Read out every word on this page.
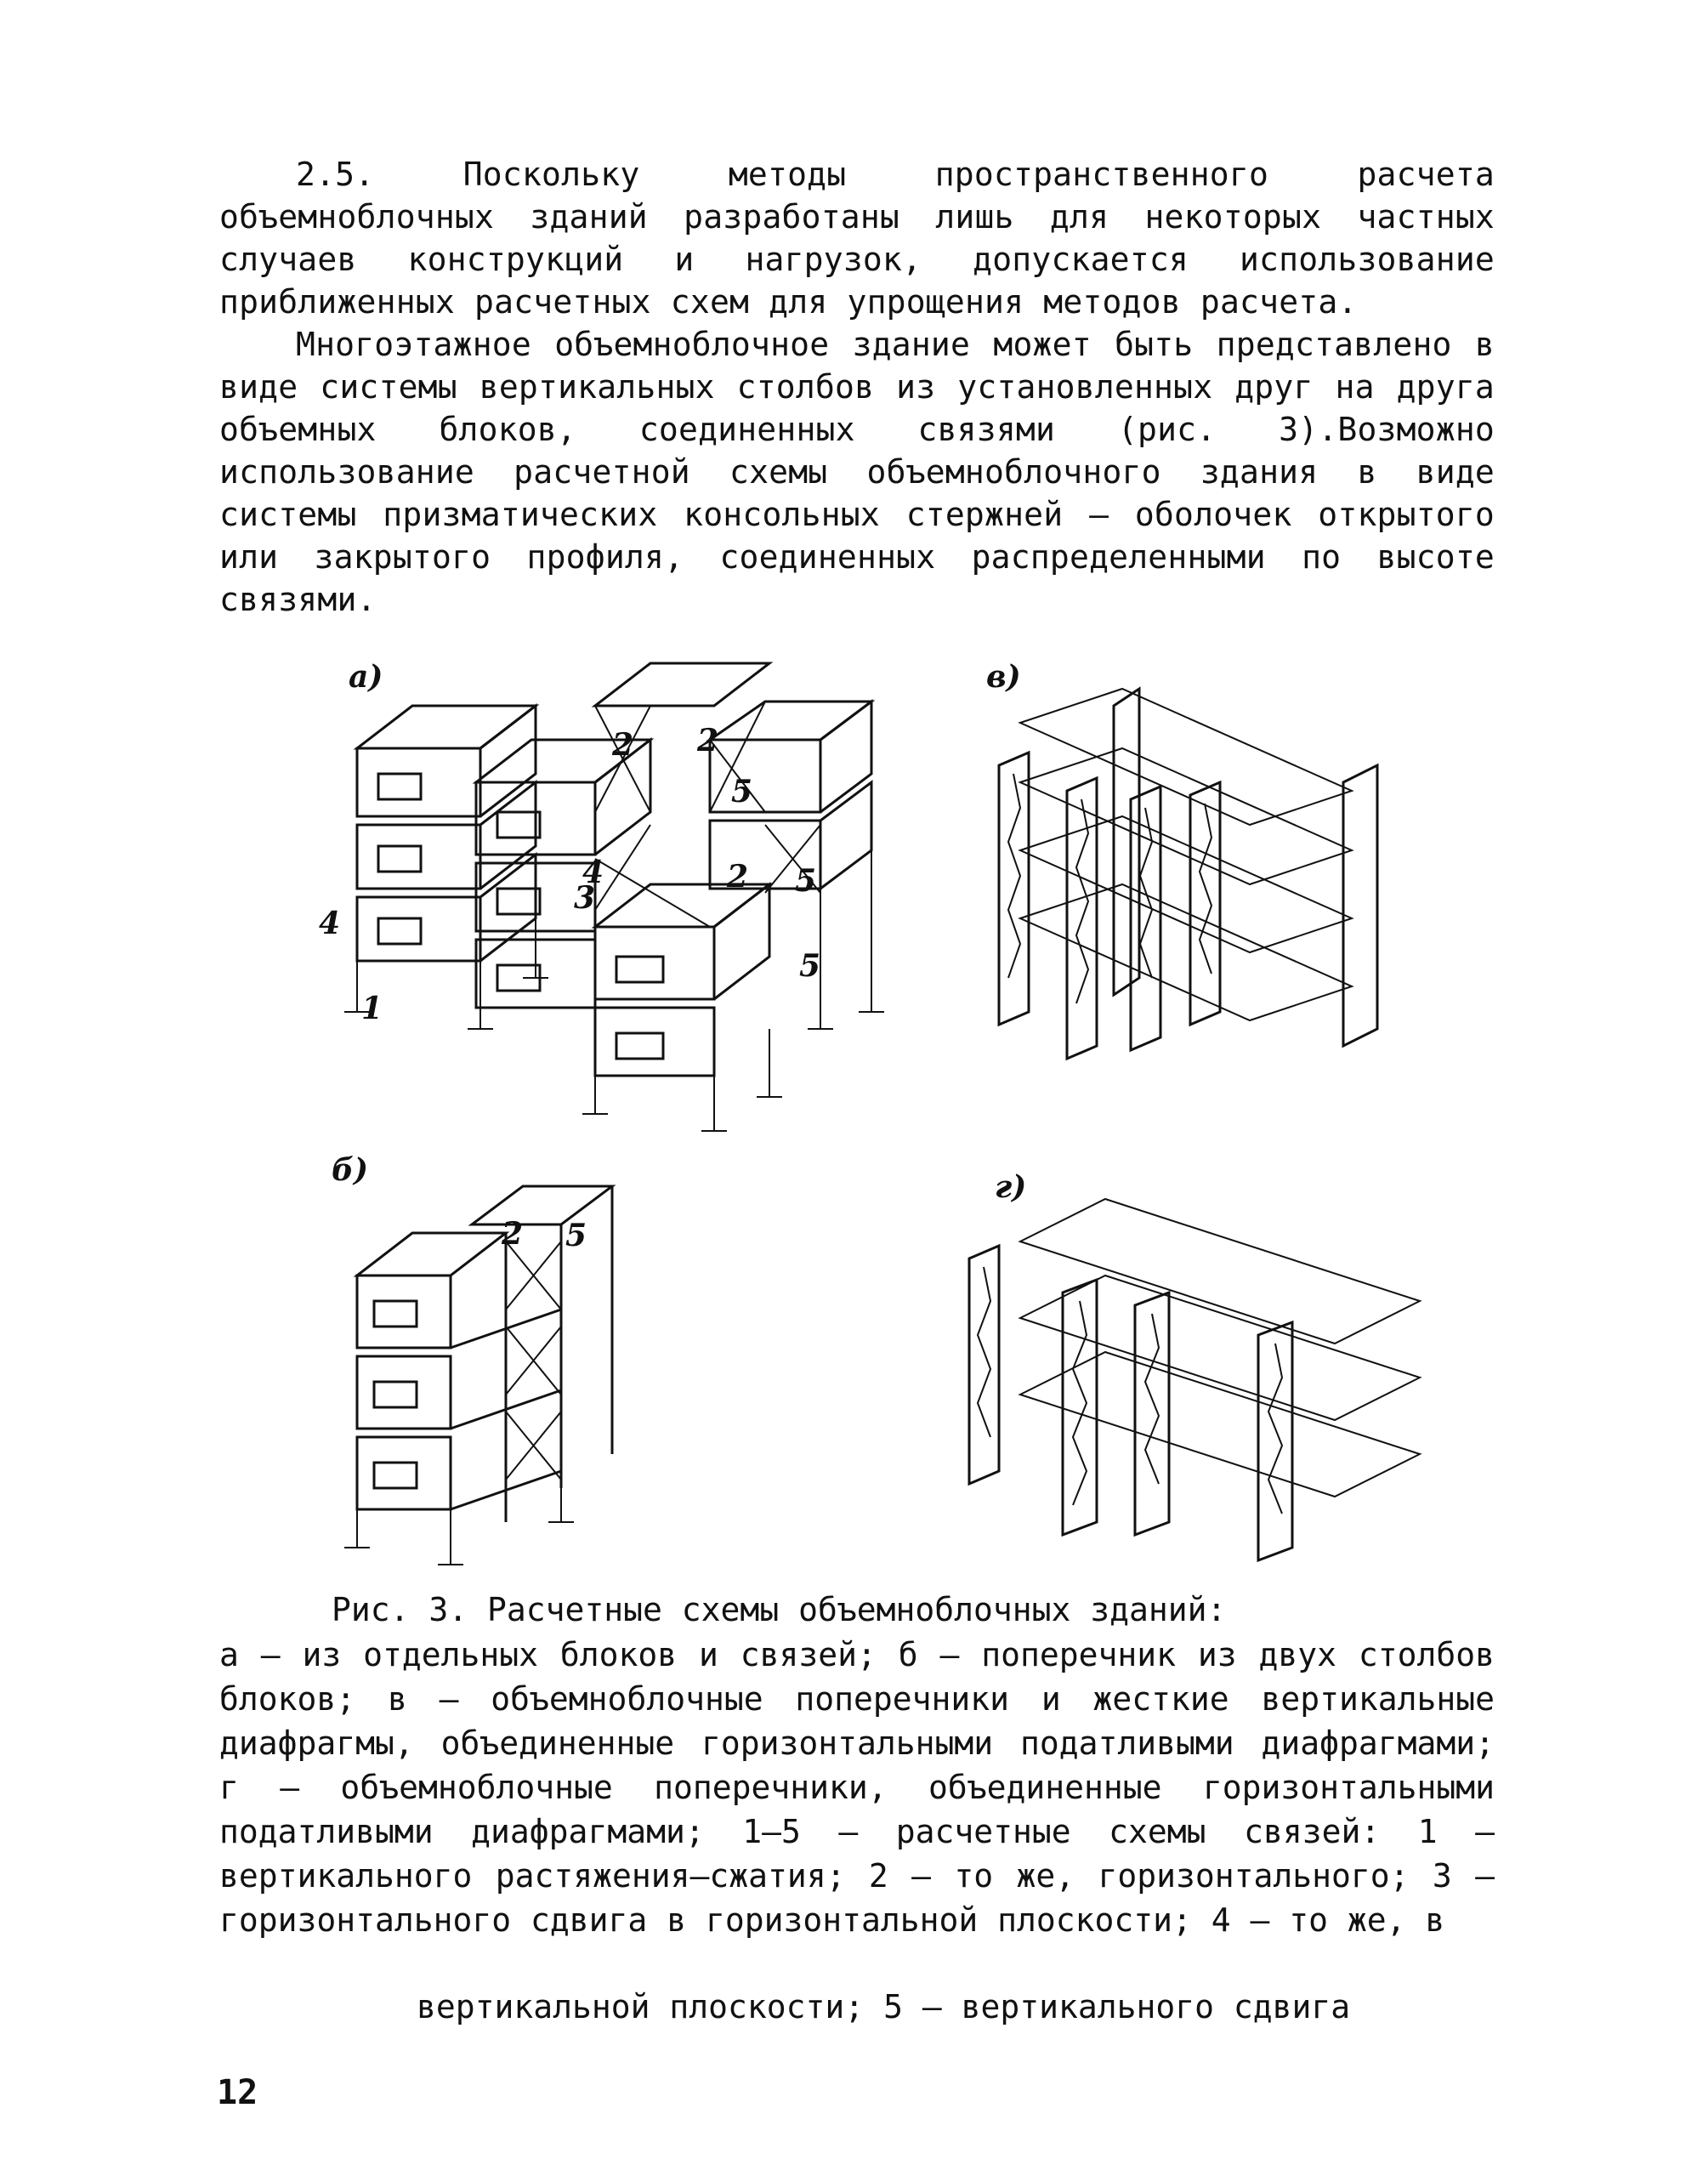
2.5. Поскольку методы пространственного расчета объемноблочных зданий разработаны лишь для некоторых частных случаев конструкций и нагрузок, допускается использование приближенных расчетных схем для упрощения методов расчета.

Многоэтажное объемноблочное здание может быть представлено в виде системы вертикальных столбов из установленных друг на друга объемных блоков, соединенных связями (рис. 3).Возможно использование расчетной схемы объемноблочного здания в виде системы призматических консольных стержней – оболочек открытого или закрытого профиля, соединенных распределенными по высоте связями.

а)
2 2
5
4
3
2 5
4
5
1
в)
б)
2 5
г)

Рис. 3. Расчетные схемы объемноблочных зданий:

а – из отдельных блоков и связей; б – поперечник из двух столбов блоков; в – объемноблочные поперечники и жесткие вертикальные диафрагмы, объединенные горизонтальными податливыми диафрагмами; г – объемноблочные поперечники, объединенные горизонтальными податливыми диафрагмами; 1–5 – расчетные схемы связей: 1 – вертикального растяжения–сжатия; 2 – то же, горизонтального; 3 – горизонтального сдвига в горизонтальной плоскости; 4 – то же, в

вертикальной плоскости; 5 – вертикального сдвига

12
